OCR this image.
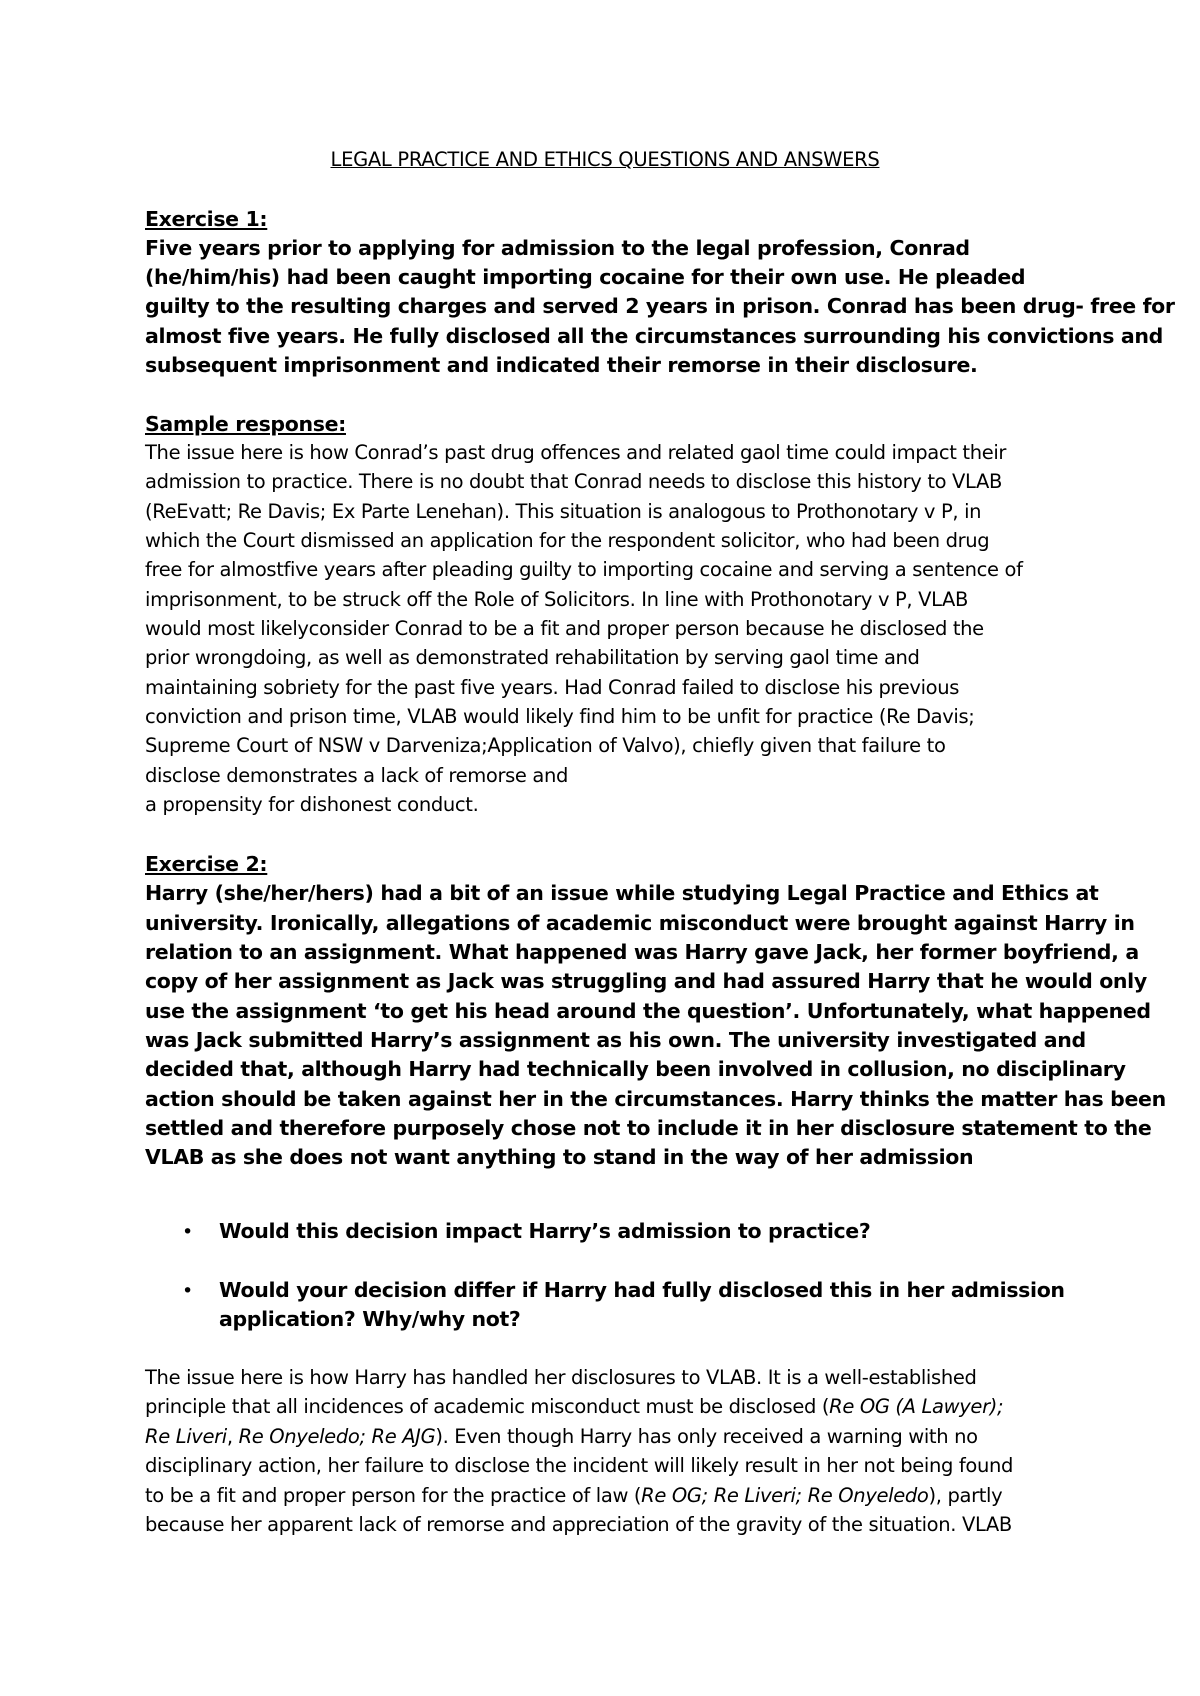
LEGAL PRACTICE AND ETHICS QUESTIONS AND ANSWERS
Exercise 1:
Five years prior to applying for admission to the legal profession, Conrad
(he/him/his) had been caught importing cocaine for their own use. He pleaded
guilty to the resulting charges and served 2 years in prison. Conrad has been drug- free for
almost five years. He fully disclosed all the circumstances surrounding his convictions and
subsequent imprisonment and indicated their remorse in their disclosure.
Sample response:
The issue here is how Conrad’s past drug offences and related gaol time could impact their
admission to practice. There is no doubt that Conrad needs to disclose this history to VLAB
(ReEvatt; Re Davis; Ex Parte Lenehan). This situation is analogous to Prothonotary v P, in
which the Court dismissed an application for the respondent solicitor, who had been drug
free for almostfive years after pleading guilty to importing cocaine and serving a sentence of
imprisonment, to be struck off the Role of Solicitors. In line with Prothonotary v P, VLAB
would most likelyconsider Conrad to be a fit and proper person because he disclosed the
prior wrongdoing, as well as demonstrated rehabilitation by serving gaol time and
maintaining sobriety for the past five years. Had Conrad failed to disclose his previous
conviction and prison time, VLAB would likely find him to be unfit for practice (Re Davis;
Supreme Court of NSW v Darveniza;Application of Valvo), chiefly given that failure to
disclose demonstrates a lack of remorse and
a propensity for dishonest conduct.
Exercise 2:
Harry (she/her/hers) had a bit of an issue while studying Legal Practice and Ethics at
university. Ironically, allegations of academic misconduct were brought against Harry in
relation to an assignment. What happened was Harry gave Jack, her former boyfriend, a
copy of her assignment as Jack was struggling and had assured Harry that he would only
use the assignment ‘to get his head around the question’. Unfortunately, what happened
was Jack submitted Harry’s assignment as his own. The university investigated and
decided that, although Harry had technically been involved in collusion, no disciplinary
action should be taken against her in the circumstances. Harry thinks the matter has been
settled and therefore purposely chose not to include it in her disclosure statement to the
VLAB as she does not want anything to stand in the way of her admission
• Would this decision impact Harry’s admission to practice?
• Would your decision differ if Harry had fully disclosed this in her admission
application? Why/why not?
The issue here is how Harry has handled her disclosures to VLAB. It is a well-established
principle that all incidences of academic misconduct must be disclosed (Re OG (A Lawyer);
Re Liveri, Re Onyeledo; Re AJG). Even though Harry has only received a warning with no
disciplinary action, her failure to disclose the incident will likely result in her not being found
to be a fit and proper person for the practice of law (Re OG; Re Liveri; Re Onyeledo), partly
because her apparent lack of remorse and appreciation of the gravity of the situation. VLAB
